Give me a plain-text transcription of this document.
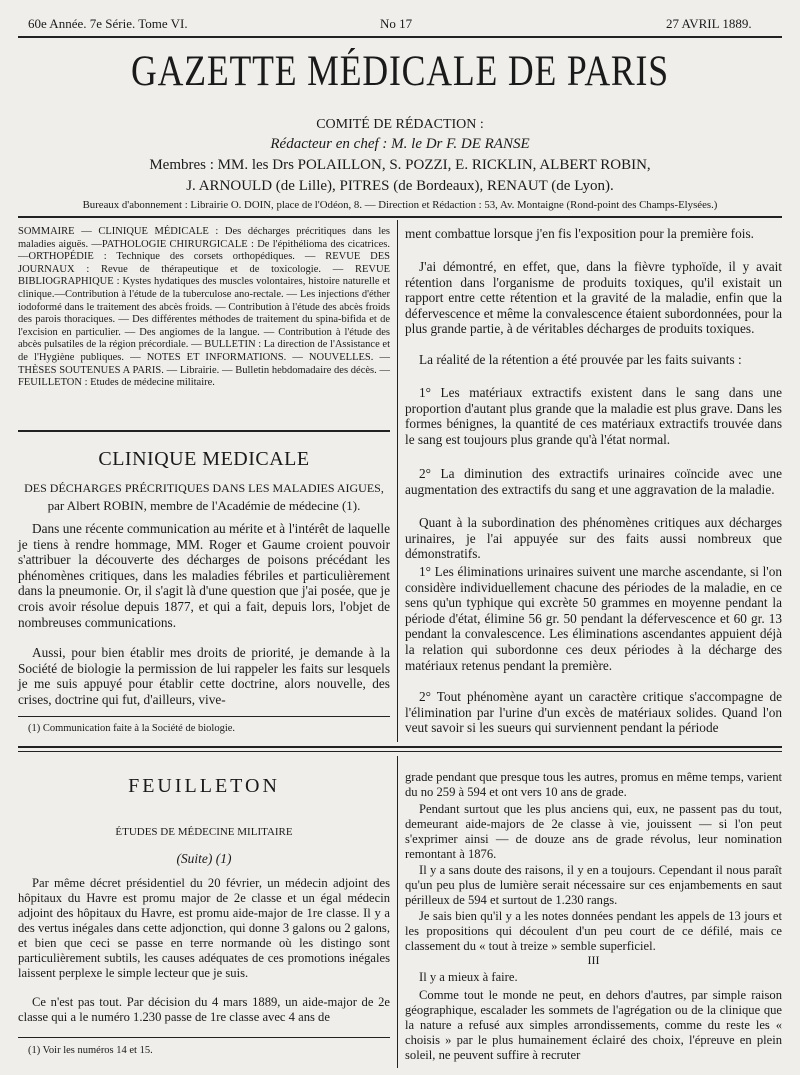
60e Année. 7e Série. Tome VI.	No 17	27 AVRIL 1889.
GAZETTE MÉDICALE DE PARIS
COMITÉ DE RÉDACTION :
Rédacteur en chef : M. le Dr F. DE RANSE
Membres : MM. les Drs POLAILLON, S. POZZI, E. RICKLIN, ALBERT ROBIN,
J. ARNOULD (de Lille), PITRES (de Bordeaux), RENAUT (de Lyon).
Bureaux d'abonnement : Librairie O. DOIN, place de l'Odéon, 8. — Direction et Rédaction : 53, Av. Montaigne (Rond-point des Champs-Elysées.)

SOMMAIRE — CLINIQUE MÉDICALE : Des décharges précritiques dans les maladies aiguës. —PATHOLOGIE CHIRURGICALE : De l'épithélioma des cicatrices. —ORTHOPÉDIE : Technique des corsets orthopédiques. — REVUE DES JOURNAUX : Revue de thérapeutique et de toxicologie. — REVUE BIBLIOGRAPHIQUE : Kystes hydatiques des muscles volontaires, histoire naturelle et clinique.—Contribution à l'étude de la tuberculose ano-rectale. — Les injections d'éther iodoformé dans le traitement des abcès froids. — Contribution à l'étude des abcès froids des parois thoraciques. — Des différentes méthodes de traitement du spina-bifida et de l'excision en particulier. — Des angiomes de la langue. — Contribution à l'étude des abcès pulsatiles de la région précordiale. — BULLETIN : La direction de l'Assistance et de l'Hygiène publiques. — NOTES ET INFORMATIONS. — NOUVELLES. — THÈSES SOUTENUES A PARIS. — Librairie. — Bulletin hebdomadaire des décès. — FEUILLETON : Etudes de médecine militaire.

CLINIQUE MEDICALE
DES DÉCHARGES PRÉCRITIQUES DANS LES MALADIES AIGUES,
par Albert ROBIN, membre de l'Académie de médecine (1).

Dans une récente communication au mérite et à l'intérêt de laquelle je tiens à rendre hommage, MM. Roger et Gaume croient pouvoir s'attribuer la découverte des décharges de poisons précédant les phénomènes critiques, dans les maladies fébriles et particulièrement dans la pneumonie. Or, il s'agit là d'une question que j'ai posée, que je crois avoir résolue depuis 1877, et qui a fait, depuis lors, l'objet de nombreuses communications.

Aussi, pour bien établir mes droits de priorité, je demande à la Société de biologie la permission de lui rappeler les faits sur lesquels je me suis appuyé pour établir cette doctrine, alors nouvelle, des crises, doctrine qui fut, d'ailleurs, vive-

(1) Communication faite à la Société de biologie.

ment combattue lorsque j'en fis l'exposition pour la première fois.

J'ai démontré, en effet, que, dans la fièvre typhoïde, il y avait rétention dans l'organisme de produits toxiques, qu'il existait un rapport entre cette rétention et la gravité de la maladie, enfin que la défervescence et même la convalescence étaient subordonnées, pour la plus grande partie, à de véritables décharges de produits toxiques.

La réalité de la rétention a été prouvée par les faits suivants :

1° Les matériaux extractifs existent dans le sang dans une proportion d'autant plus grande que la maladie est plus grave. Dans les formes bénignes, la quantité de ces matériaux extractifs trouvée dans le sang est toujours plus grande qu'à l'état normal.

2° La diminution des extractifs urinaires coïncide avec une augmentation des extractifs du sang et une aggravation de la maladie.

Quant à la subordination des phénomènes critiques aux décharges urinaires, je l'ai appuyée sur des faits aussi nombreux que démonstratifs.

1° Les éliminations urinaires suivent une marche ascendante, si l'on considère individuellement chacune des périodes de la maladie, en ce sens qu'un typhique qui excrète 50 grammes en moyenne pendant la période d'état, élimine 56 gr. 50 pendant la défervescence et 60 gr. 13 pendant la convalescence. Les éliminations ascendantes appuient déjà la relation qui subordonne ces deux périodes à la décharge des matériaux retenus pendant la première.

2° Tout phénomène ayant un caractère critique s'accompagne de l'élimination par l'urine d'un excès de matériaux solides. Quand l'on veut savoir si les sueurs qui surviennent pendant la période

FEUILLETON
ÉTUDES DE MÉDECINE MILITAIRE
(Suite) (1)

Par même décret présidentiel du 20 février, un médecin adjoint des hôpitaux du Havre est promu major de 2e classe et un égal médecin adjoint des hôpitaux du Havre, est promu aide-major de 1re classe. Il y a des vertus inégales dans cette adjonction, qui donne 3 galons ou 2 galons, et bien que ceci se passe en terre normande où les distingo sont particulièrement subtils, les causes adéquates de ces promotions inégales laissent perplexe le simple lecteur que je suis.

Ce n'est pas tout. Par décision du 4 mars 1889, un aide-major de 2e classe qui a le numéro 1.230 passe de 1re classe avec 4 ans de

(1) Voir les numéros 14 et 15.

grade pendant que presque tous les autres, promus en même temps, varient du no 259 à 594 et ont vers 10 ans de grade.

Pendant surtout que les plus anciens qui, eux, ne passent pas du tout, demeurant aide-majors de 2e classe à vie, jouissent — si l'on peut s'exprimer ainsi — de douze ans de grade révolus, leur nomination remontant à 1876.

Il y a sans doute des raisons, il y en a toujours. Cependant il nous paraît qu'un peu plus de lumière serait nécessaire sur ces enjambements en saut périlleux de 594 et surtout de 1.230 rangs.

Je sais bien qu'il y a les notes données pendant les appels de 13 jours et les propositions qui découlent d'un peu court de ce défilé, mais ce classement du « tout à treize » semble superficiel.

III

Il y a mieux à faire.

Comme tout le monde ne peut, en dehors d'autres, par simple raison géographique, escalader les sommets de l'agrégation ou de la clinique que la nature a refusé aux simples arrondissements, comme du reste les « choisis » par le plus humainement éclairé des choix, l'épreuve en plein soleil, ne peuvent suffire à recruter
